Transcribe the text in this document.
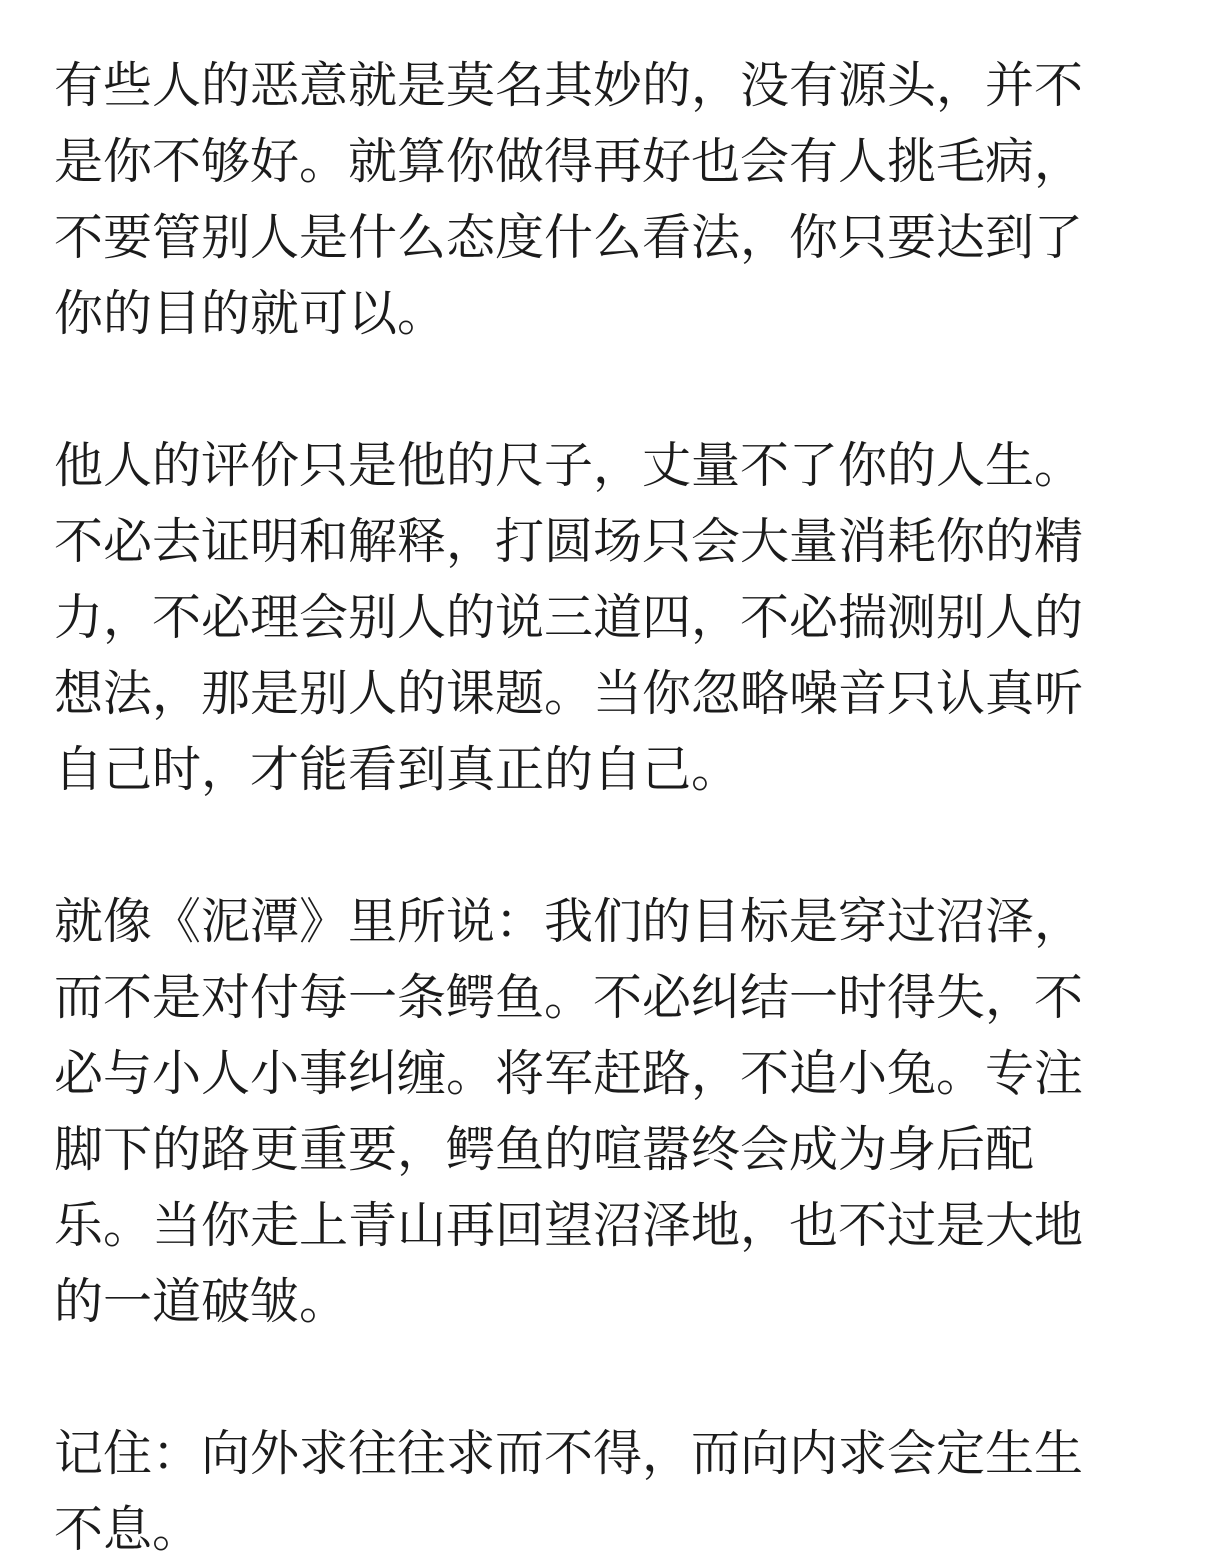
有些人的恶意就是莫名其妙的，没有源头，并不
是你不够好。就算你做得再好也会有人挑毛病，
不要管别人是什么态度什么看法，你只要达到了
你的目的就可以。
他人的评价只是他的尺子，丈量不了你的人生。
不必去证明和解释，打圆场只会大量消耗你的精
力，不必理会别人的说三道四，不必揣测别人的
想法，那是别人的课题。当你忽略噪音只认真听
自己时，才能看到真正的自己。
就像《泥潭》里所说：我们的目标是穿过沼泽，
而不是对付每一条鳄鱼。不必纠结一时得失，不
必与小人小事纠缠。将军赶路，不追小兔。专注
脚下的路更重要，鳄鱼的喧嚣终会成为身后配
乐。当你走上青山再回望沼泽地，也不过是大地
的一道破皱。
记住：向外求往往求而不得，而向内求会定生生
不息。
